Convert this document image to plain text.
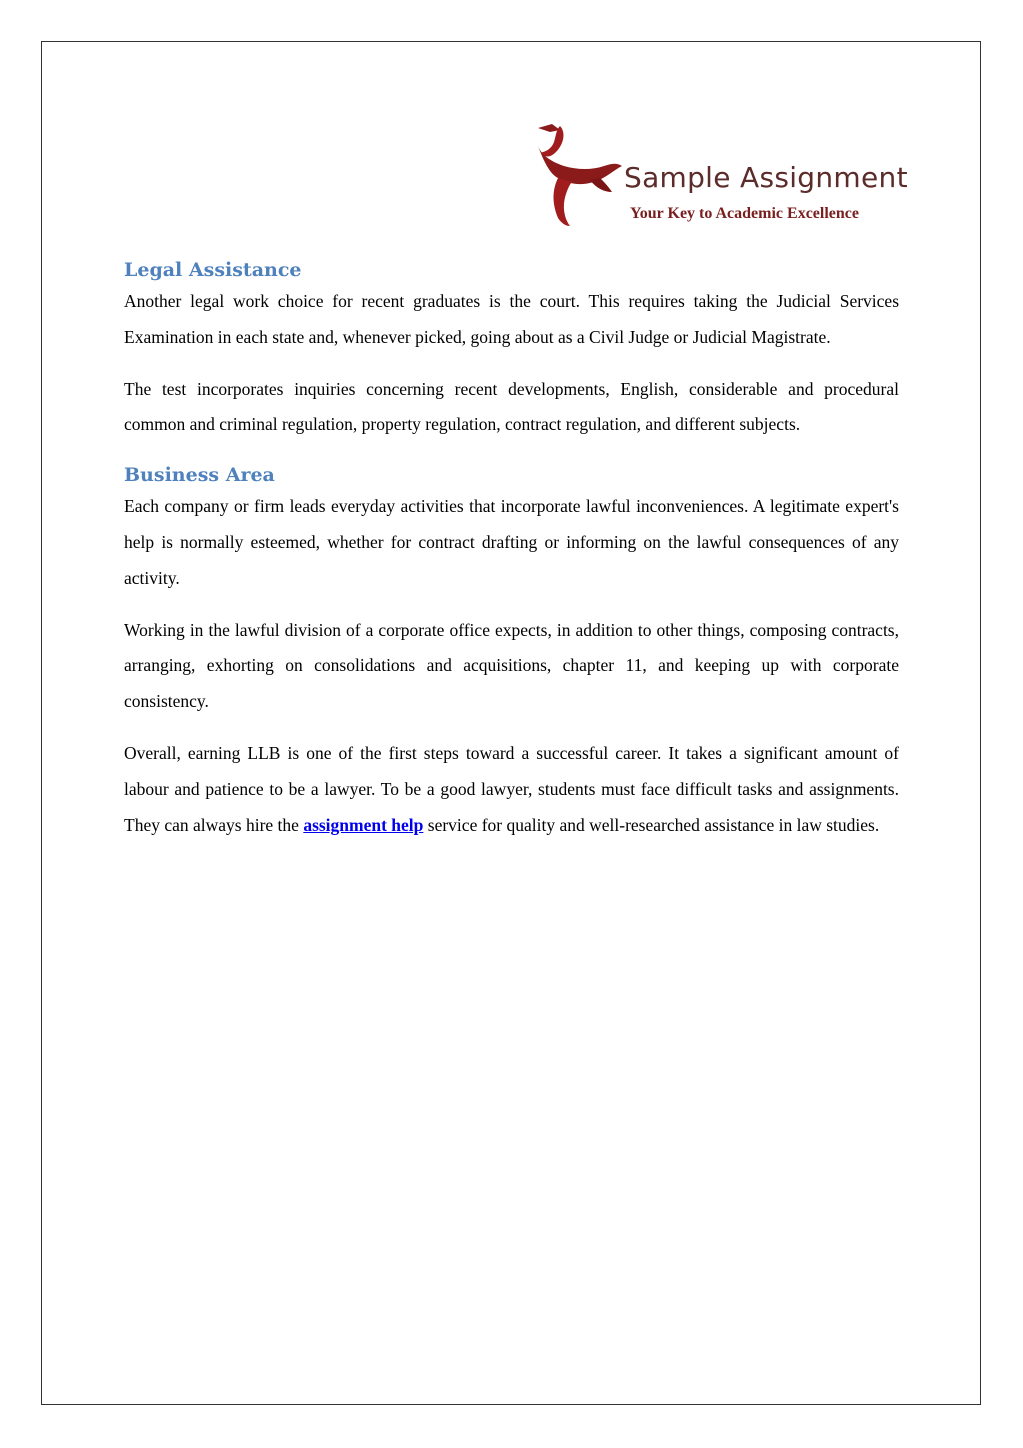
Sample Assignment
Your Key to Academic Excellence
Legal Assistance

Another legal work choice for recent graduates is the court. This requires taking the Judicial Services Examination in each state and, whenever picked, going about as a Civil Judge or Judicial Magistrate.

The test incorporates inquiries concerning recent developments, English, considerable and procedural common and criminal regulation, property regulation, contract regulation, and different subjects.

Business Area

Each company or firm leads everyday activities that incorporate lawful inconveniences. A legitimate expert's help is normally esteemed, whether for contract drafting or informing on the lawful consequences of any activity.

Working in the lawful division of a corporate office expects, in addition to other things, composing contracts, arranging, exhorting on consolidations and acquisitions, chapter 11, and keeping up with corporate consistency.

Overall, earning LLB is one of the first steps toward a successful career. It takes a significant amount of labour and patience to be a lawyer. To be a good lawyer, students must face difficult tasks and assignments. They can always hire the assignment help service for quality and well-researched assistance in law studies.
